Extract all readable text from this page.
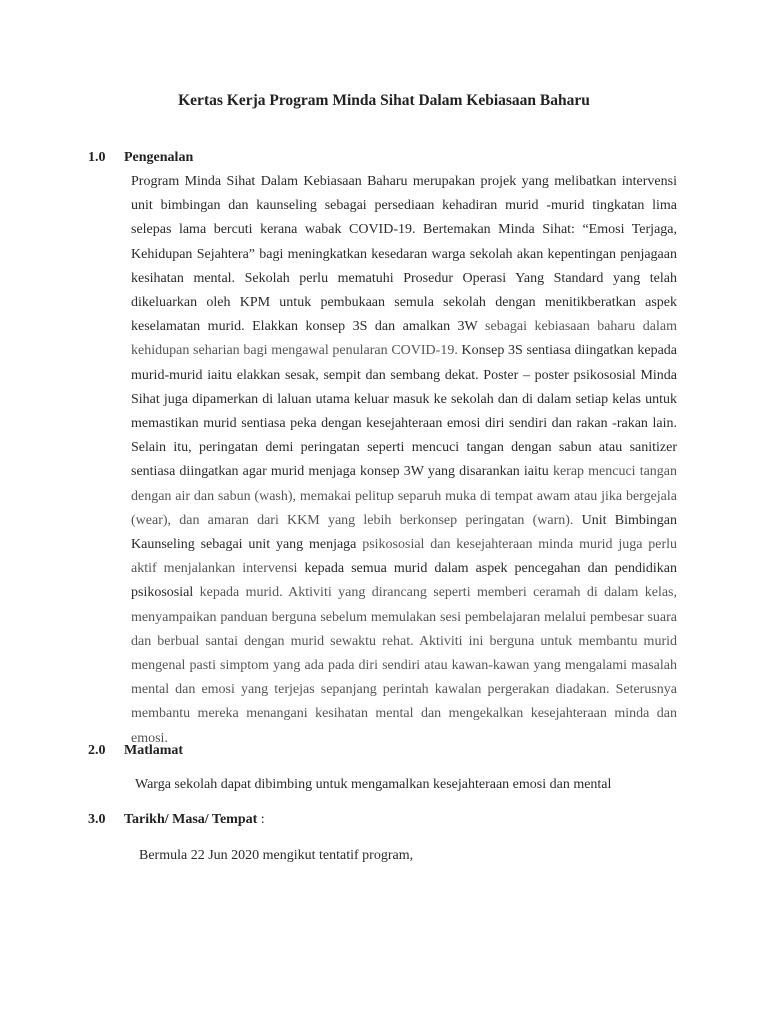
Kertas Kerja Program Minda Sihat Dalam Kebiasaan Baharu
1.0 Pengenalan

Program Minda Sihat Dalam Kebiasaan Baharu merupakan projek yang melibatkan intervensi unit bimbingan dan kaunseling sebagai persediaan kehadiran murid -murid tingkatan lima selepas lama bercuti kerana wabak COVID-19. Bertemakan Minda Sihat: “Emosi Terjaga, Kehidupan Sejahtera” bagi meningkatkan kesedaran warga sekolah akan kepentingan penjagaan kesihatan mental. Sekolah perlu mematuhi Prosedur Operasi Yang Standard yang telah dikeluarkan oleh KPM untuk pembukaan semula sekolah dengan menitikberatkan aspek keselamatan murid. Elakkan konsep 3S dan amalkan 3W sebagai kebiasaan baharu dalam kehidupan seharian bagi mengawal penularan COVID-19. Konsep 3S sentiasa diingatkan kepada murid-murid iaitu elakkan sesak, sempit dan sembang dekat. Poster – poster psikososial Minda Sihat juga dipamerkan di laluan utama keluar masuk ke sekolah dan di dalam setiap kelas untuk memastikan murid sentiasa peka dengan kesejahteraan emosi diri sendiri dan rakan -rakan lain. Selain itu, peringatan demi peringatan seperti mencuci tangan dengan sabun atau sanitizer sentiasa diingatkan agar murid menjaga konsep 3W yang disarankan iaitu kerap mencuci tangan dengan air dan sabun (wash), memakai pelitup separuh muka di tempat awam atau jika bergejala (wear), dan amaran dari KKM yang lebih berkonsep peringatan (warn). Unit Bimbingan Kaunseling sebagai unit yang menjaga psikososial dan kesejahteraan minda murid juga perlu aktif menjalankan intervensi kepada semua murid dalam aspek pencegahan dan pendidikan psikososial kepada murid. Aktiviti yang dirancang seperti memberi ceramah di dalam kelas, menyampaikan panduan berguna sebelum memulakan sesi pembelajaran melalui pembesar suara dan berbual santai dengan murid sewaktu rehat. Aktiviti ini berguna untuk membantu murid mengenal pasti simptom yang ada pada diri sendiri atau kawan-kawan yang mengalami masalah mental dan emosi yang terjejas sepanjang perintah kawalan pergerakan diadakan. Seterusnya membantu mereka menangani kesihatan mental dan mengekalkan kesejahteraan minda dan emosi.

2.0 Matlamat
Warga sekolah dapat dibimbing untuk mengamalkan kesejahteraan emosi dan mental
3.0 Tarikh/ Masa/ Tempat :
Bermula 22 Jun 2020 mengikut tentatif program,
